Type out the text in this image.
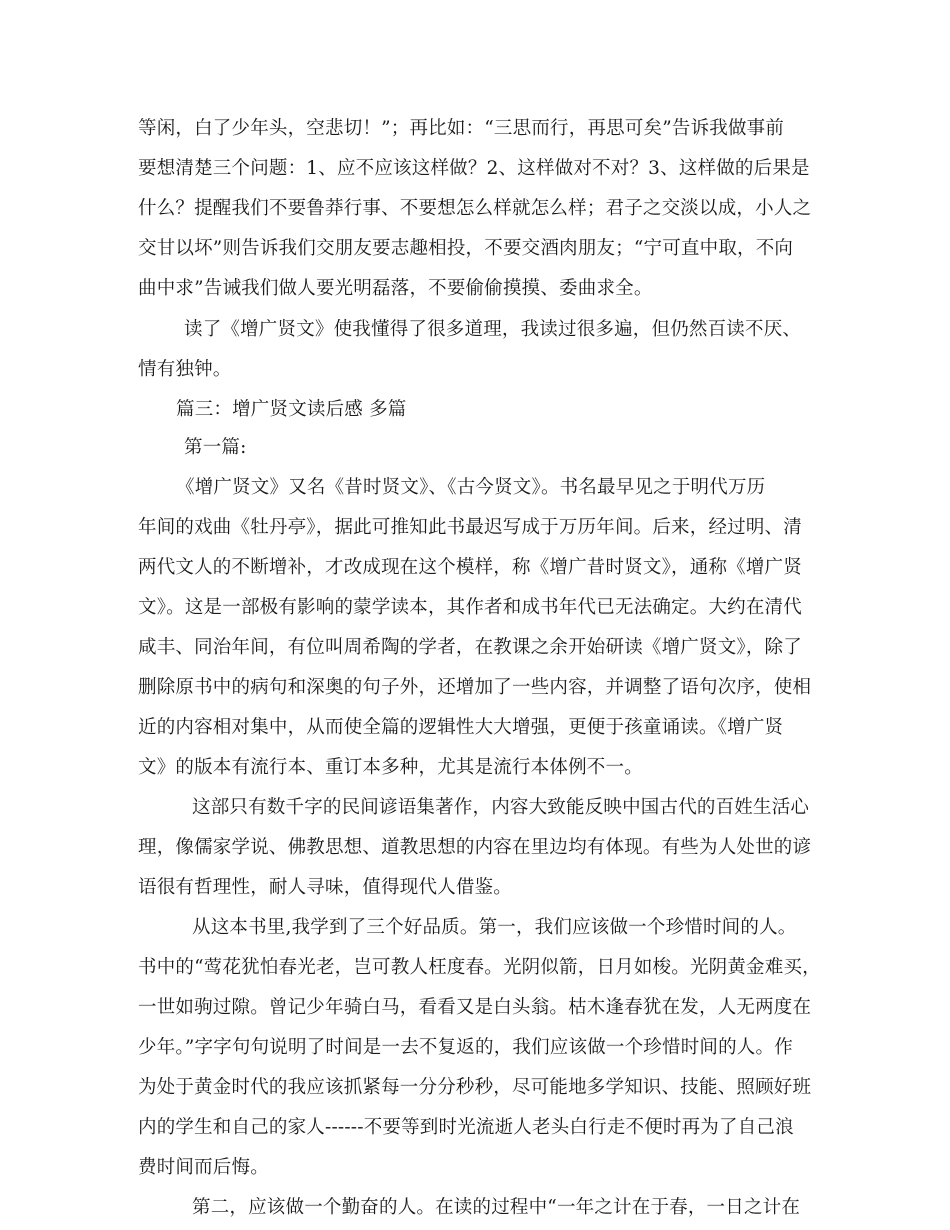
等闲，白了少年头，空悲切！”；再比如：“三思而行，再思可矣”告诉我做事前
要想清楚三个问题：1、应不应该这样做？2、这样做对不对？3、这样做的后果是
什么？提醒我们不要鲁莽行事、不要想怎么样就怎么样；君子之交淡以成，小人之
交甘以坏”则告诉我们交朋友要志趣相投，不要交酒肉朋友；“宁可直中取，不向
曲中求”告诫我们做人要光明磊落，不要偷偷摸摸、委曲求全。
读了《增广贤文》使我懂得了很多道理，我读过很多遍，但仍然百读不厌、
情有独钟。
篇三：增广贤文读后感 多篇
第一篇:
《增广贤文》又名《昔时贤文》、《古今贤文》。书名最早见之于明代万历
年间的戏曲《牡丹亭》，据此可推知此书最迟写成于万历年间。后来，经过明、清
两代文人的不断增补，才改成现在这个模样，称《增广昔时贤文》，通称《增广贤
文》。这是一部极有影响的蒙学读本，其作者和成书年代已无法确定。大约在清代
咸丰、同治年间，有位叫周希陶的学者，在教课之余开始研读《增广贤文》，除了
删除原书中的病句和深奥的句子外，还增加了一些内容，并调整了语句次序，使相
近的内容相对集中，从而使全篇的逻辑性大大增强，更便于孩童诵读。《增广贤
文》的版本有流行本、重订本多种，尤其是流行本体例不一。
这部只有数千字的民间谚语集著作，内容大致能反映中国古代的百姓生活心
理，像儒家学说、佛教思想、道教思想的内容在里边均有体现。有些为人处世的谚
语很有哲理性，耐人寻味，值得现代人借鉴。
从这本书里,我学到了三个好品质。第一，我们应该做一个珍惜时间的人。
书中的“莺花犹怕春光老，岂可教人枉度春。光阴似箭，日月如梭。光阴黄金难买，
一世如驹过隙。曾记少年骑白马，看看又是白头翁。枯木逢春犹在发，人无两度在
少年。”字字句句说明了时间是一去不复返的，我们应该做一个珍惜时间的人。作
为处于黄金时代的我应该抓紧每一分分秒秒，尽可能地多学知识、技能、照顾好班
内的学生和自己的家人------不要等到时光流逝人老头白行走不便时再为了自己浪
费时间而后悔。
第二，应该做一个勤奋的人。在读的过程中“一年之计在于春，一日之计在
